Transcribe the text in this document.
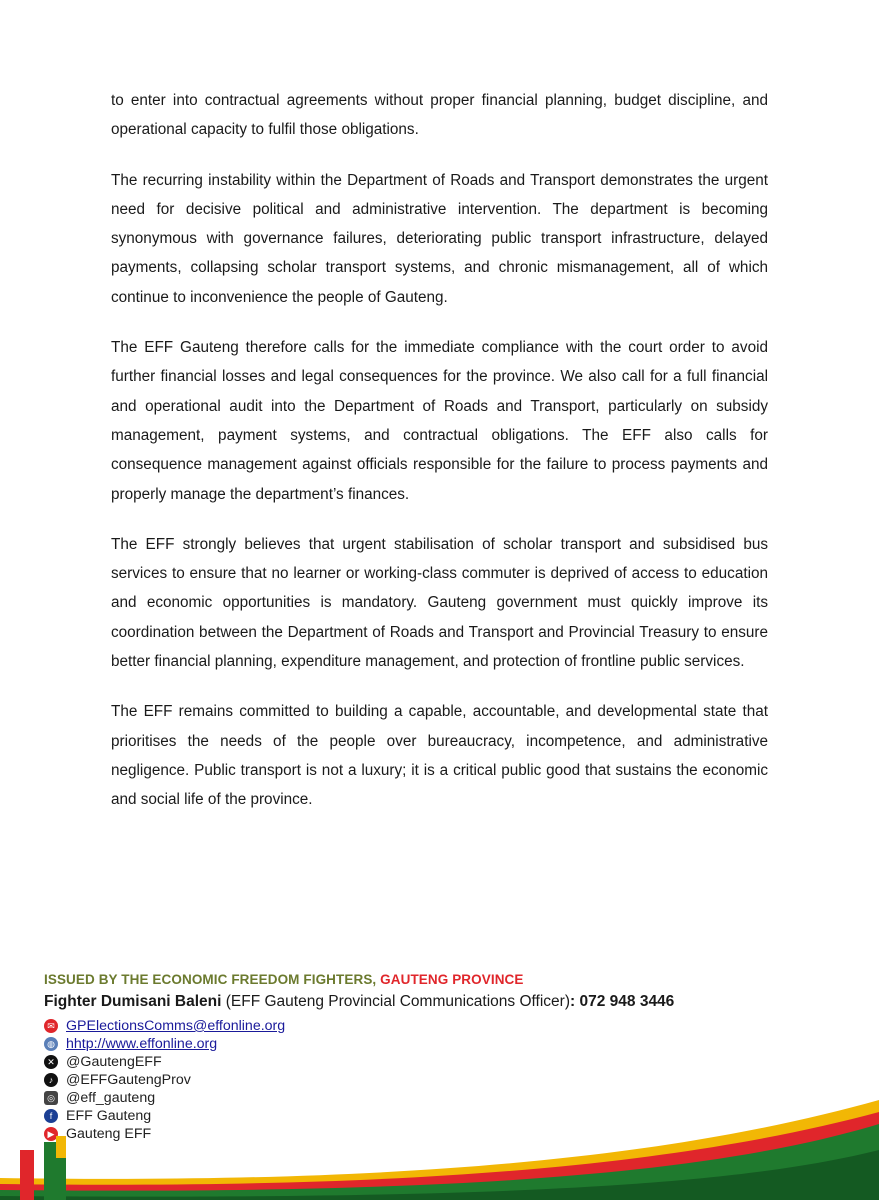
to enter into contractual agreements without proper financial planning, budget discipline, and operational capacity to fulfil those obligations.

The recurring instability within the Department of Roads and Transport demonstrates the urgent need for decisive political and administrative intervention. The department is becoming synonymous with governance failures, deteriorating public transport infrastructure, delayed payments, collapsing scholar transport systems, and chronic mismanagement, all of which continue to inconvenience the people of Gauteng.

The EFF Gauteng therefore calls for the immediate compliance with the court order to avoid further financial losses and legal consequences for the province. We also call for a full financial and operational audit into the Department of Roads and Transport, particularly on subsidy management, payment systems, and contractual obligations. The EFF also calls for consequence management against officials responsible for the failure to process payments and properly manage the department’s finances.

The EFF strongly believes that urgent stabilisation of scholar transport and subsidised bus services to ensure that no learner or working-class commuter is deprived of access to education and economic opportunities is mandatory. Gauteng government must quickly improve its coordination between the Department of Roads and Transport and Provincial Treasury to ensure better financial planning, expenditure management, and protection of frontline public services.

The EFF remains committed to building a capable, accountable, and developmental state that prioritises the needs of the people over bureaucracy, incompetence, and administrative negligence. Public transport is not a luxury; it is a critical public good that sustains the economic and social life of the province.

ISSUED BY THE ECONOMIC FREEDOM FIGHTERS, GAUTENG PROVINCE
Fighter Dumisani Baleni (EFF Gauteng Provincial Communications Officer): 072 948 3446
✉ GPElectionsComms@effonline.org
◍ hhtp://www.effonline.org
✕ @GautengEFF
♪ @EFFGautengProv
◎ @eff_gauteng
f EFF Gauteng
▶ Gauteng EFF
